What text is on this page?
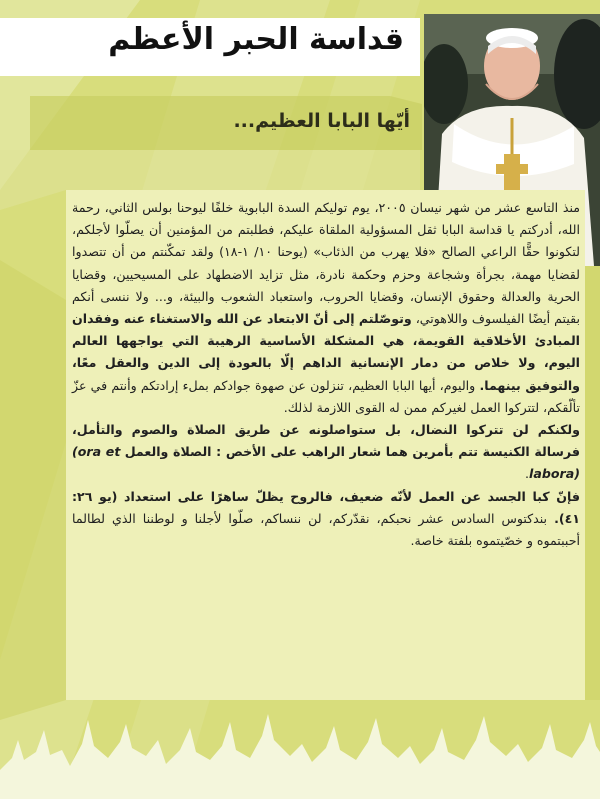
قداسة الحبر الأعظم
أيّها البابا العظيم...

منذ التاسع عشر من شهر نيسان ٢٠٠٥، يوم توليكم السدة البابوية خلفًا ليوحنا بولس الثاني، رحمة الله، أدركتم يا قداسة البابا ثقل المسؤولية الملقاة عليكم، فطلبتم من المؤمنين أن يصلّوا لأجلكم، لتكونوا حقًّا الراعي الصالح «فلا يهرب من الذئاب» (يوحنا ١٠/ ١-١٨) ولقد تمكّنتم من أن تتصدوا لقضايا مهمة، بجرأة وشجاعة وحزم وحكمة نادرة، مثل تزايد الاضطهاد على المسيحيين، وقضايا الحرية والعدالة وحقوق الإنسان، وقضايا الحروب، واستعباد الشعوب والبيئة، و... ولا ننسى أنكم بقيتم أيضًا الفيلسوف واللاهوتي، وتوصّلتم إلى أنّ الابتعاد عن الله والاستغناء عنه وفقدان المبادئ الأخلاقية القويمة، هي المشكلة الأساسية الرهيبة التي يواجهها العالم اليوم، ولا خلاص من دمار الإنسانية الداهم إلّا بالعودة إلى الدين والعقل معًا، والتوفيق بينهما. واليوم، أيها البابا العظيم، تنزلون عن صهوة جوادكم بملء إرادتكم وأنتم في عزّ تألّقكم، لتتركوا العمل لغيركم ممن له القوى اللازمة لذلك.

ولكنكم لن تتركوا النضال، بل ستواصلونه عن طريق الصلاة والصوم والتأمل، فرسالة الكنيسة تتم بأمرين هما شعار الراهب على الأخص : الصلاة والعمل (ora et labora).

فإنّ كبا الجسد عن العمل لأنّه ضعيف، فالروح يظلّ ساهرًا على استعداد (يو ٢٦: ٤١). بندكتوس السادس عشر نحبكم، نقدّركم، لن ننساكم، صلّوا لأجلنا و لوطننا الذي لطالما أحببتموه و خصّيتموه بلفتة خاصة.
